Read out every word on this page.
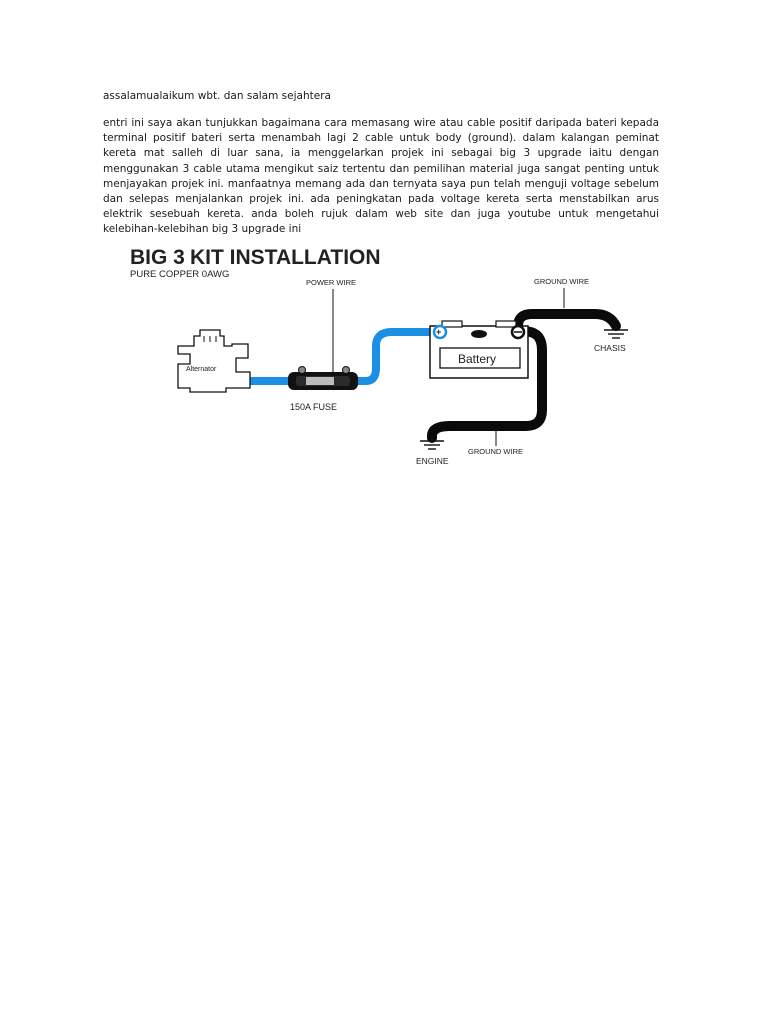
assalamualaikum wbt. dan salam sejahtera
entri ini saya akan tunjukkan bagaimana cara memasang wire atau cable positif daripada bateri kepada terminal positif bateri serta menambah lagi 2 cable untuk body (ground). dalam kalangan peminat kereta mat salleh di luar sana, ia menggelarkan projek ini sebagai big 3 upgrade iaitu dengan menggunakan 3 cable utama mengikut saiz tertentu dan pemilihan material juga sangat penting untuk menjayakan projek ini. manfaatnya memang ada dan ternyata saya pun telah menguji voltage sebelum dan selepas menjalankan projek ini. ada peningkatan pada voltage kereta serta menstabilkan arus elektrik sesebuah kereta. anda boleh rujuk dalam web site dan juga youtube untuk mengetahui kelebihan-kelebihan big 3 upgrade ini
BIG 3 KIT INSTALLATION
PURE COPPER 0AWG
POWER WIRE	GROUND WIRE
GROUND WIRE
Alternator
150A FUSE
Battery
+
CHASIS
ENGINE
